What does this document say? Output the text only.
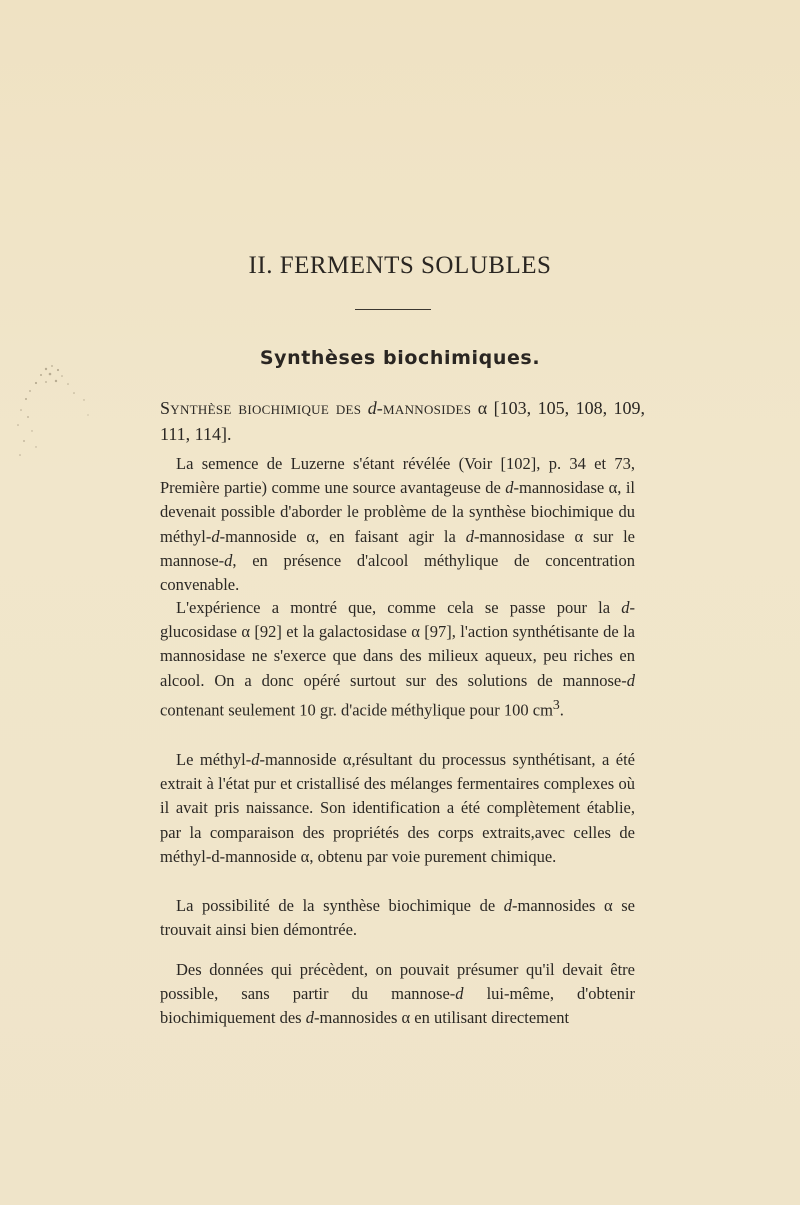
II. FERMENTS SOLUBLES
Synthèses biochimiques.
Synthèse biochimique des d-mannosides α [103, 105, 108, 109, 111, 114].

La semence de Luzerne s'étant révélée (Voir [102], p. 34 et 73, Première partie) comme une source avantageuse de d-mannosidase α, il devenait possible d'aborder le problème de la synthèse biochimique du méthyl-d-mannoside α, en faisant agir la d-mannosidase α sur le mannose-d, en présence d'alcool méthylique de concentration convenable.

L'expérience a montré que, comme cela se passe pour la d-glucosidase α [92] et la galactosidase α [97], l'action synthétisante de la mannosidase ne s'exerce que dans des milieux aqueux, peu riches en alcool. On a donc opéré surtout sur des solutions de mannose-d contenant seulement 10 gr. d'acide méthylique pour 100 $cm^3$.

Le méthyl-d-mannoside α,résultant du processus synthétisant, a été extrait à l'état pur et cristallisé des mélanges fermentaires complexes où il avait pris naissance. Son identification a été complètement établie, par la comparaison des propriétés des corps extraits,avec celles de méthyl-d-mannoside α, obtenu par voie purement chimique.

La possibilité de la synthèse biochimique de d-mannosides α se trouvait ainsi bien démontrée.

Des données qui précèdent, on pouvait présumer qu'il devait être possible, sans partir du mannose-d lui-même, d'obtenir biochimiquement des d-mannosides α en utilisant directement
